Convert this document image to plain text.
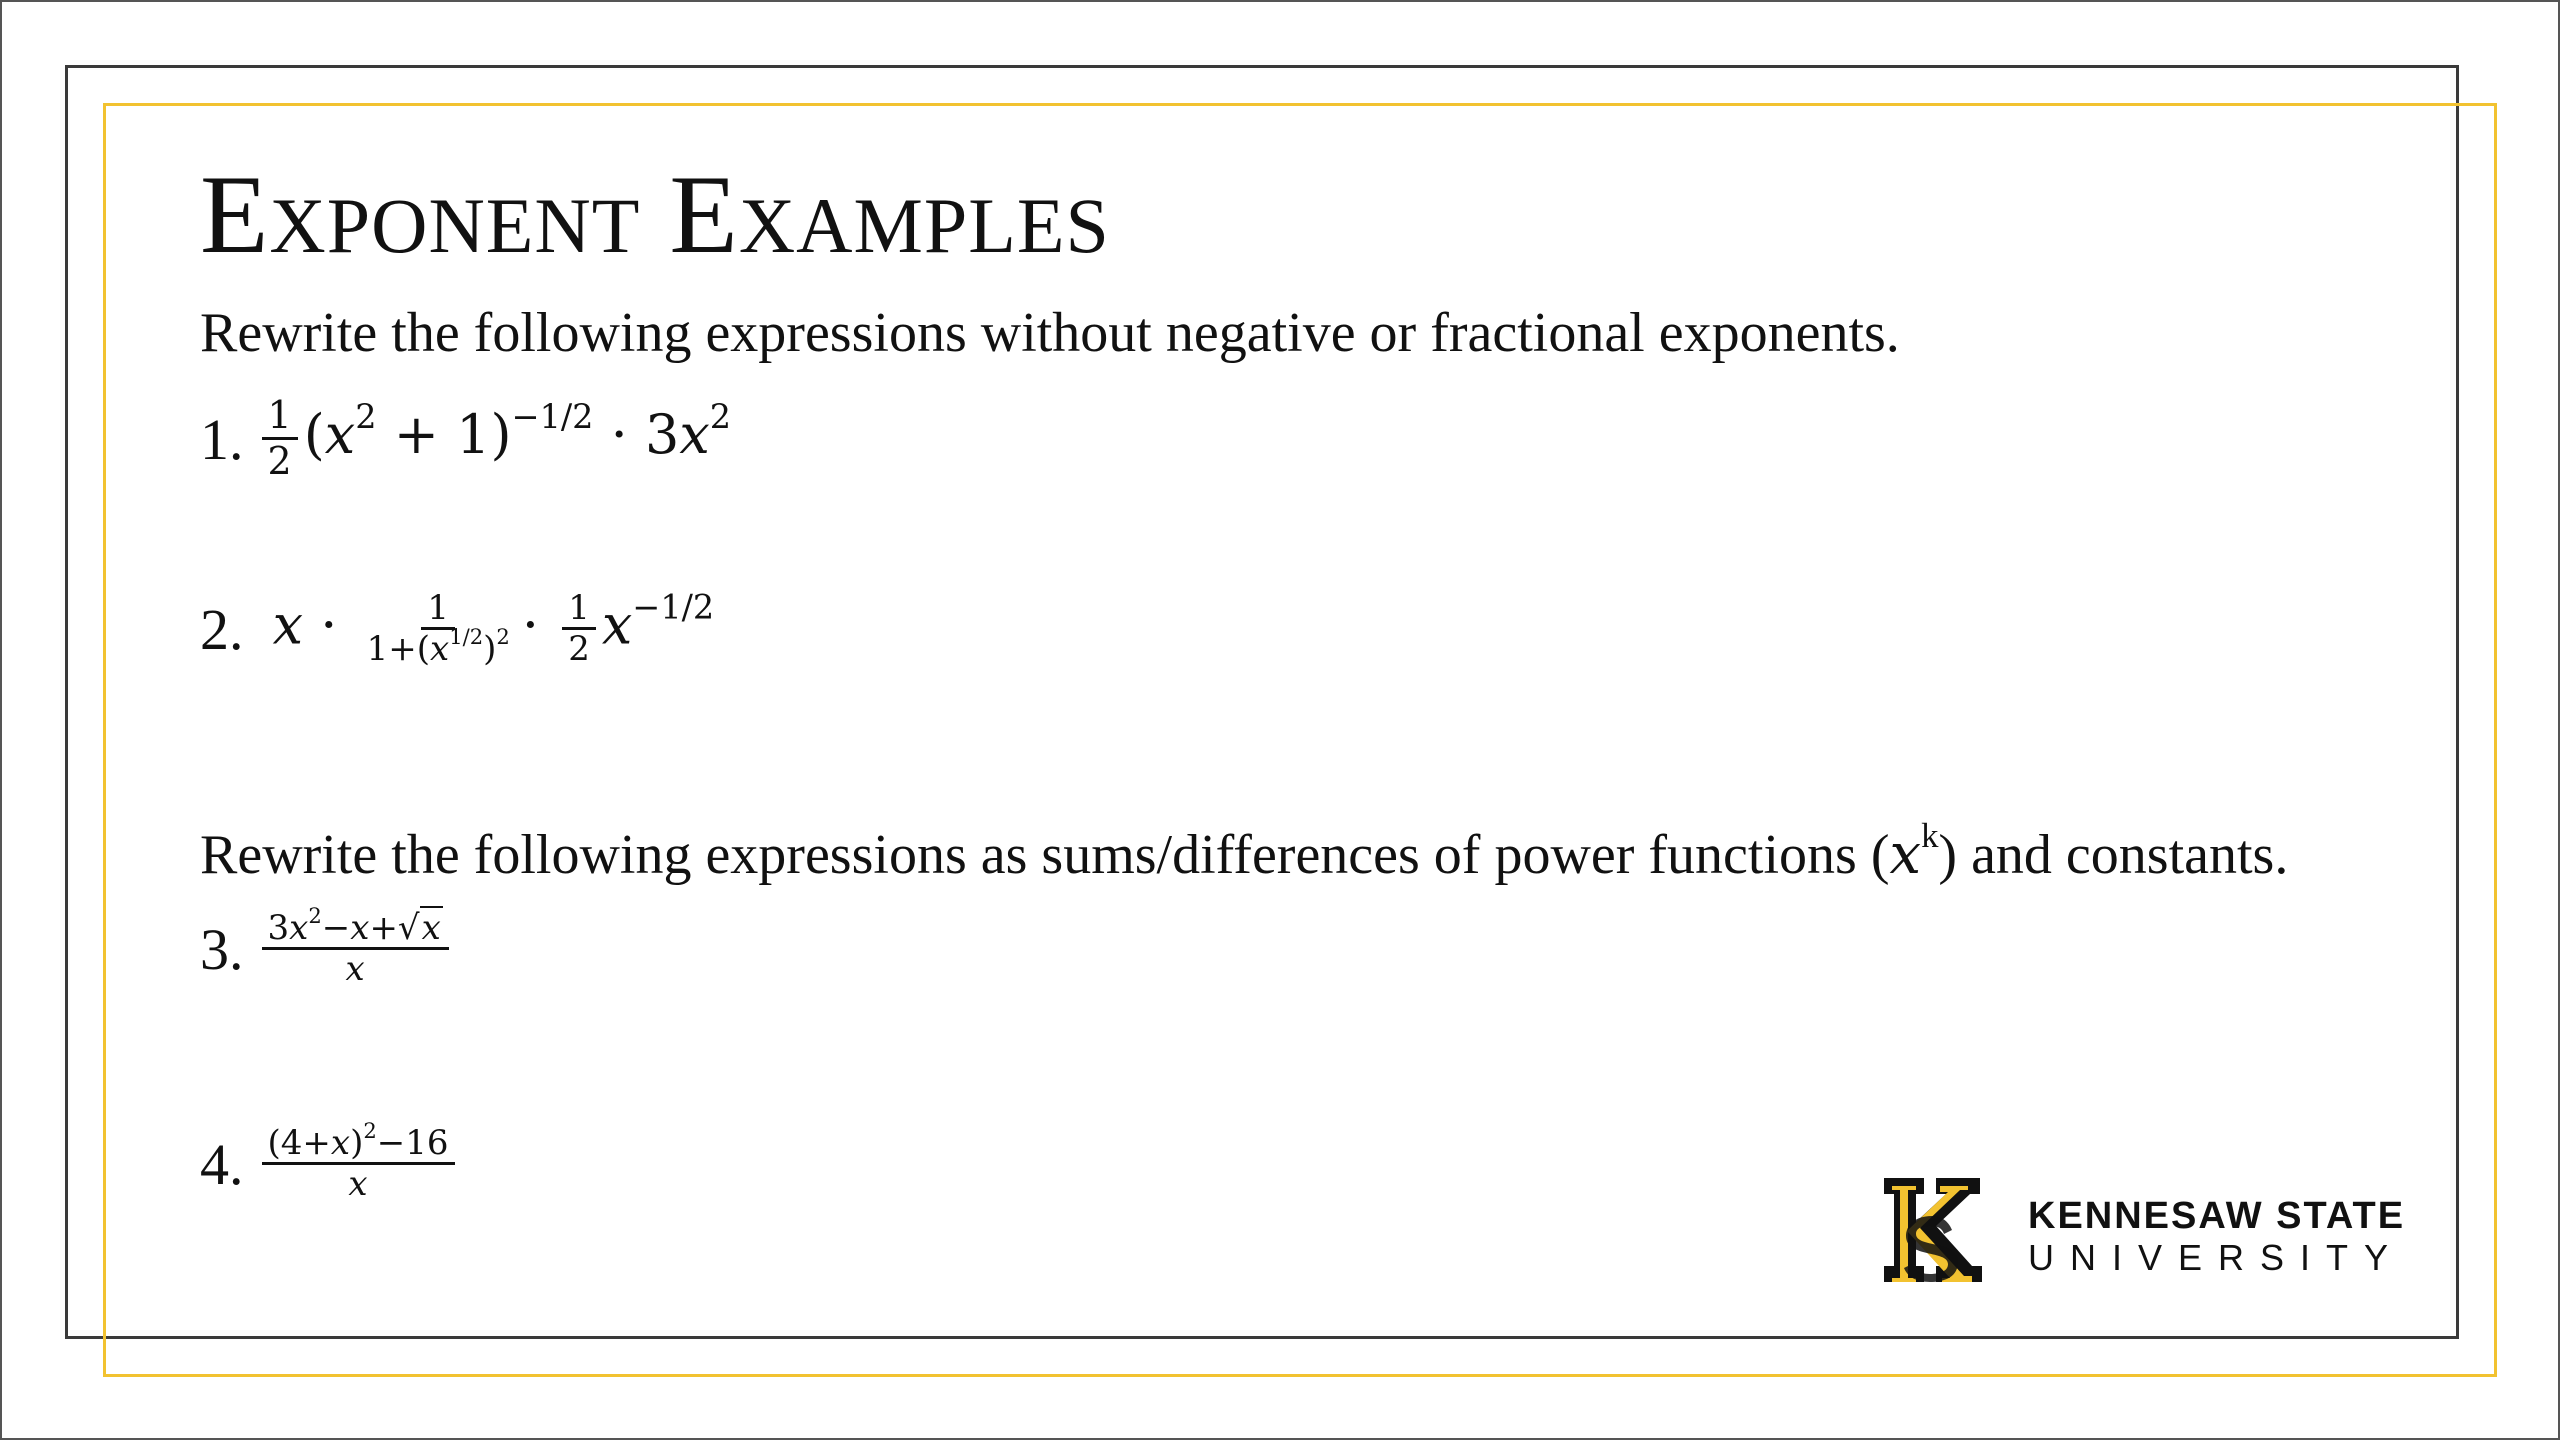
Exponent Examples

Rewrite the following expressions without negative or fractional exponents.

1. $\frac{1}{2} (x^2 + 1)^{-1/2} \cdot 3x^2$
2. $x \cdot \frac{1}{1+(x^{1/2})^2} \cdot \frac{1}{2} x^{-1/2}$

Rewrite the following expressions as sums/differences of power functions $(x^k)$ and constants.

3. $\frac{3x^2-x+√x}{x}$
4. $\frac{(4+x)^2-16}{x}$
KENNESAW STATE
UNIVERSITY
